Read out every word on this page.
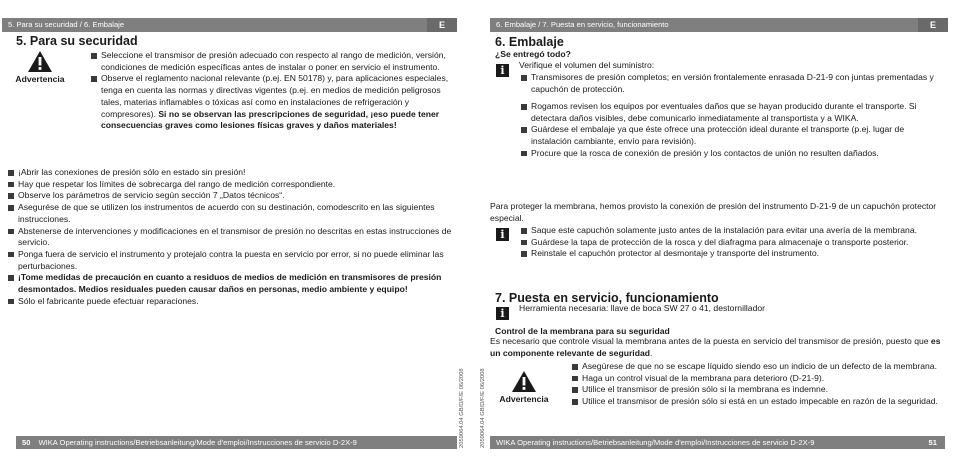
5. Para su securidad / 6. Embalaje	E
5. Para su securidad
Advertencia
Seleccione el transmisor de presión adecuado con respecto al rango de medición, versión, condiciones de medición específicas antes de instalar o poner en servicio el instrumento.
Observe el reglamento nacional relevante (p.ej. EN 50178) y, para aplicaciones especiales, tenga en cuenta las normas y directivas vigentes (p.ej. en medios de medición peligrosos tales, materias inflamables o tóxicas así como en instalaciones de refrigeración y compresores). Si no se observan las prescripciones de seguridad, ¡eso puede tener consecuencias graves como lesiones físicas graves y daños materiales!
¡Abrir las conexiones de presión sólo en estado sin presión!
Hay que respetar los límites de sobrecarga del rango de medición correspondiente.
Observe los parámetros de servicio según sección 7 „Datos técnicos“.
Asegurése de que se utilizen los instrumentos de acuerdo con su destinación, comodescrito en las siguientes instrucciones.
Abstenerse de intervenciones y modificaciones en el transmisor de presión no descritas en estas instrucciones de servicio.
Ponga fuera de servicio el instrumento y protejalo contra la puesta en servicio por error, si no puede eliminar las perturbaciones.
¡Tome medidas de precaución en cuanto a residuos de medios de medición en transmisores de presión desmontados. Medios residuales pueden causar daños en personas, medio ambiente y equipo!
Sólo el fabricante puede efectuar reparaciones.
2059064.04 GB/D/F/E 06/2008
50 WIKA Operating instructions/Betriebsanleitung/Mode d'emploi/Instrucciones de servicio D-2X-9	2059064.04 GB/D/F/E 06/2008
6. Embalaje / 7. Puesta en servicio, funcionamiento	E
6. Embalaje
¿Se entregó todo?
i	Verifique el volumen del suministro:
Transmisores de presión completos; en versión frontalemente enrasada D-21-9 con juntas prementadas y capuchón de protección.
Rogamos revisen los equipos por eventuales daños que se hayan producido durante el transporte. Si detectara daños visibles, debe comunicarlo inmediatamente al transportista y a WIKA.
Guárdese el embalaje ya que éste ofrece una protección ideal durante el transporte (p.ej. lugar de instalación cambiante, envío para revisión).
Procure que la rosca de conexión de presión y los contactos de unión no resulten dañados.
Para proteger la membrana, hemos provisto la conexión de presión del instrumento D-21-9 de un capuchón protector especial.
i	Saque este capuchón solamente justo antes de la instalación para evitar una avería de la membrana.
Guárdese la tapa de protección de la rosca y del diafragma para almacenaje o transporte posterior.
Reinstale el capuchón protector al desmontaje y transporte del instrumento.
7. Puesta en servicio, funcionamiento
i	Herramienta necesaria: llave de boca SW 27 o 41, destornillador
Control de la membrana para su seguridad
Es necesario que controle visual la membrana antes de la puesta en servicio del transmisor de presión, puesto que es un componente relevante de seguridad.
Advertencia
Asegúrese de que no se escape líquido siendo eso un indicio de un defecto de la membrana.
Haga un control visual de la membrana para deterioro (D-21-9).
Utilice el transmisor de presión sólo si la membrana es indemne.
Utilice el transmisor de presión sólo si está en un estado impecable en razón de la seguridad.
WIKA Operating instructions/Betriebsanleitung/Mode d'emploi/Instrucciones de servicio D-2X-9	51
